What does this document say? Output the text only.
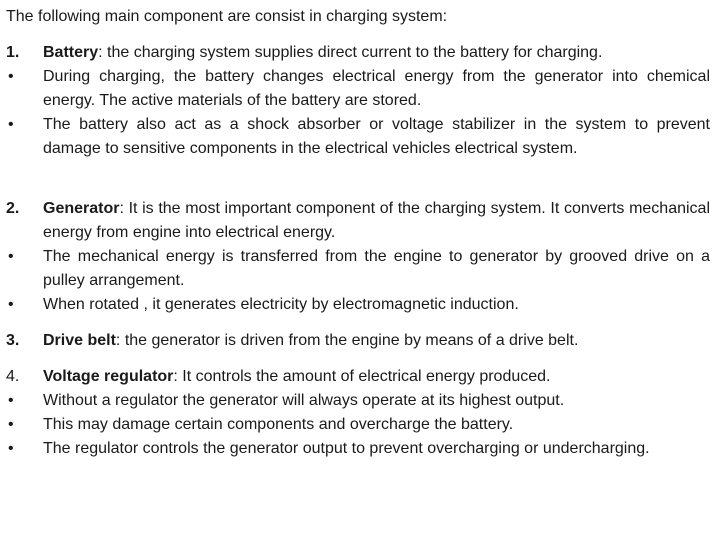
The following main component are consist in charging system:
1.	Battery: the charging system supplies direct current to the battery for charging.
•	During charging, the battery changes electrical energy from the generator into chemical energy. The active materials of the battery are stored.
•	The battery also act as a shock absorber or voltage stabilizer in the system to prevent damage to sensitive components in the electrical vehicles electrical system.
2.	Generator: It is the most important component of the charging system. It converts mechanical energy from engine into electrical energy.
•	The mechanical energy is transferred from the engine to generator by grooved drive on a pulley arrangement.
•	When rotated , it generates electricity by electromagnetic induction.
3.	Drive belt: the generator is driven from the engine by means of a drive belt.
4.	Voltage regulator: It controls the amount of electrical energy produced.
•	Without a regulator the generator will always operate at its highest output.
•	This may damage certain components and overcharge the battery.
•	The regulator controls the generator output to prevent overcharging or undercharging.
